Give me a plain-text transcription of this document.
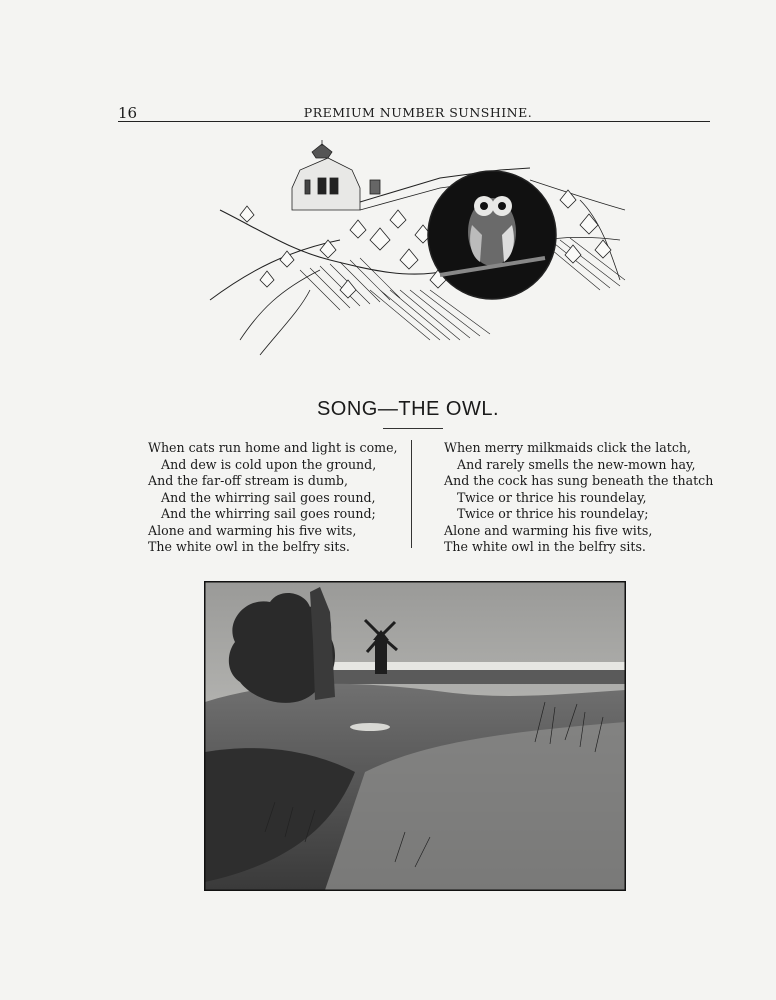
16	PREMIUM NUMBER SUNSHINE.
SONG—THE OWL.
When cats run home and light is come,
And dew is cold upon the ground,
And the far-off stream is dumb,
And the whirring sail goes round,
And the whirring sail goes round;
Alone and warming his five wits,
The white owl in the belfry sits.
When merry milkmaids click the latch,
And rarely smells the new-mown hay,
And the cock has sung beneath the thatch
Twice or thrice his roundelay,
Twice or thrice his roundelay;
Alone and warming his five wits,
The white owl in the belfry sits.
